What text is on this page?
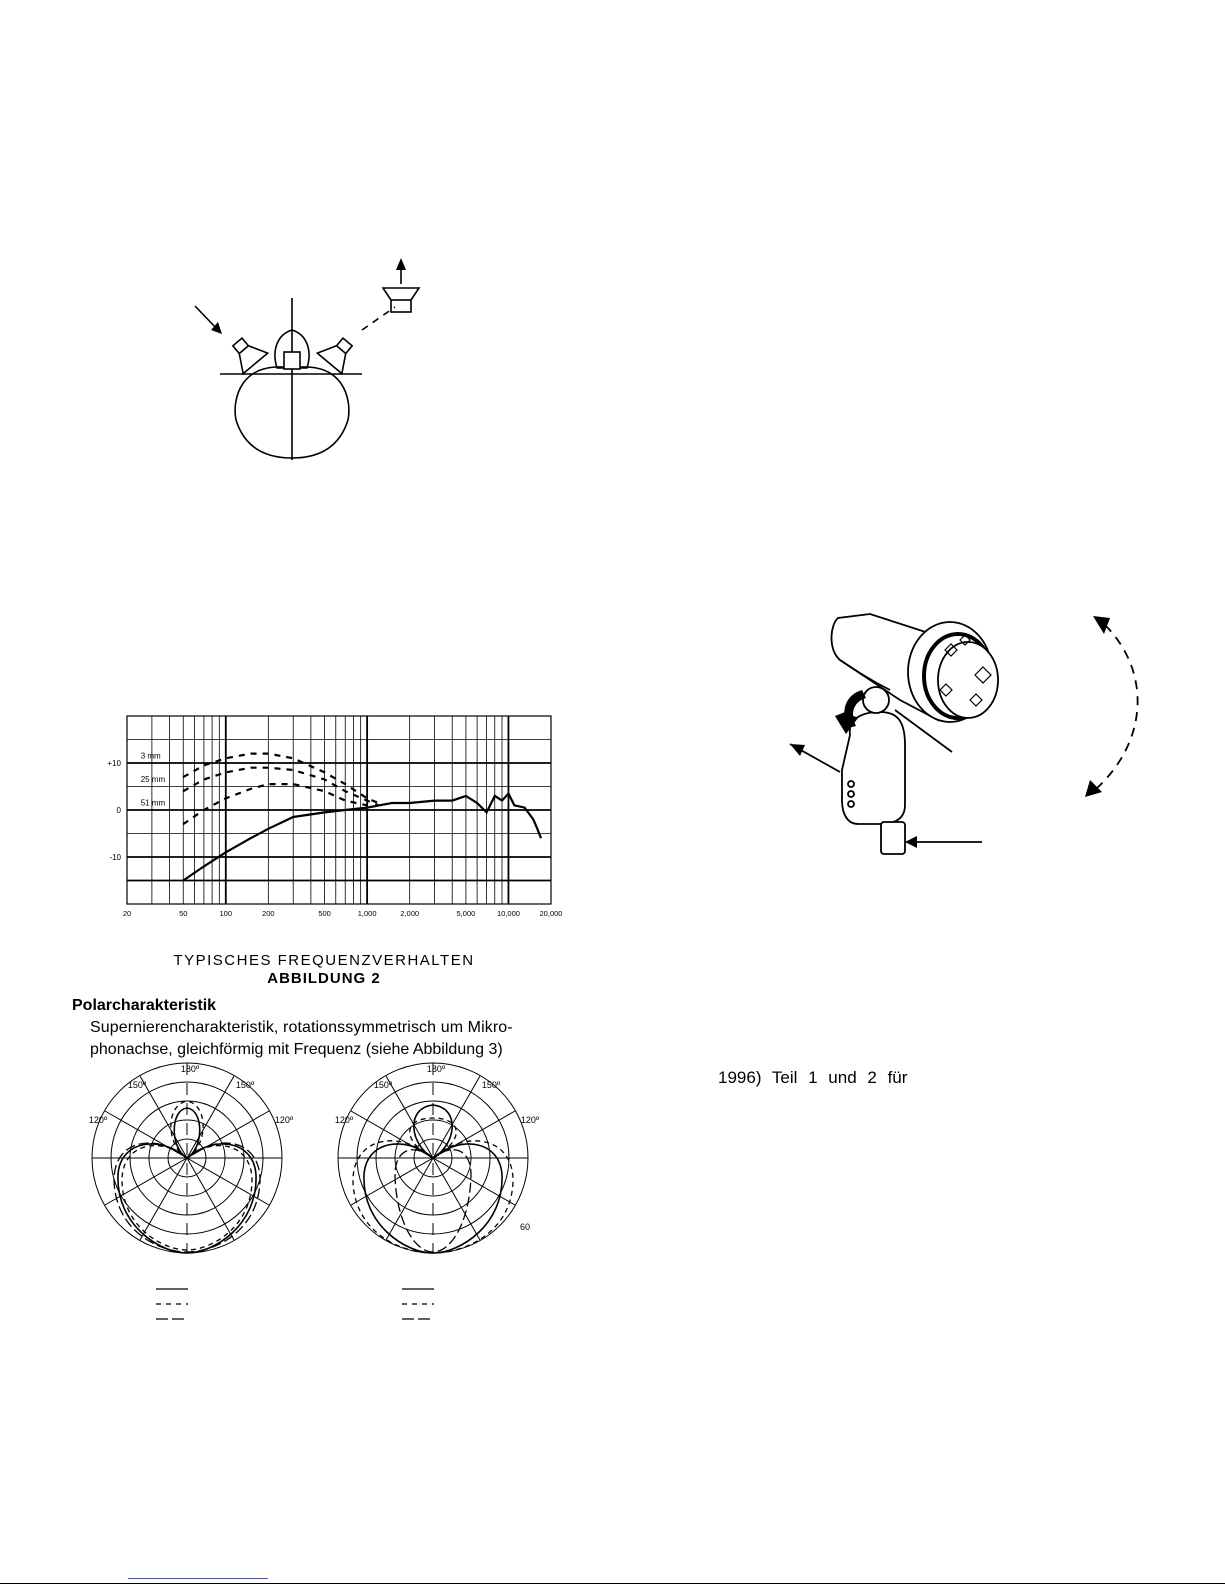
+10
0
-10
20	50	100	200	500	1,000	2,000	5,000	10,000	20,000
3 mm
25 mm
51 mm
TYPISCHES FREQUENZVERHALTEN
ABBILDUNG 2
Polarcharakteristik
Supernierencharakteristik, rotationssymmetrisch um Mikro-
phonachse, gleichförmig mit Frequenz (siehe Abbildung 3)
180º
150º	150º
120º	120º
180º
150º	150º
120º	120º
60
1996) Teil 1 und 2 für
